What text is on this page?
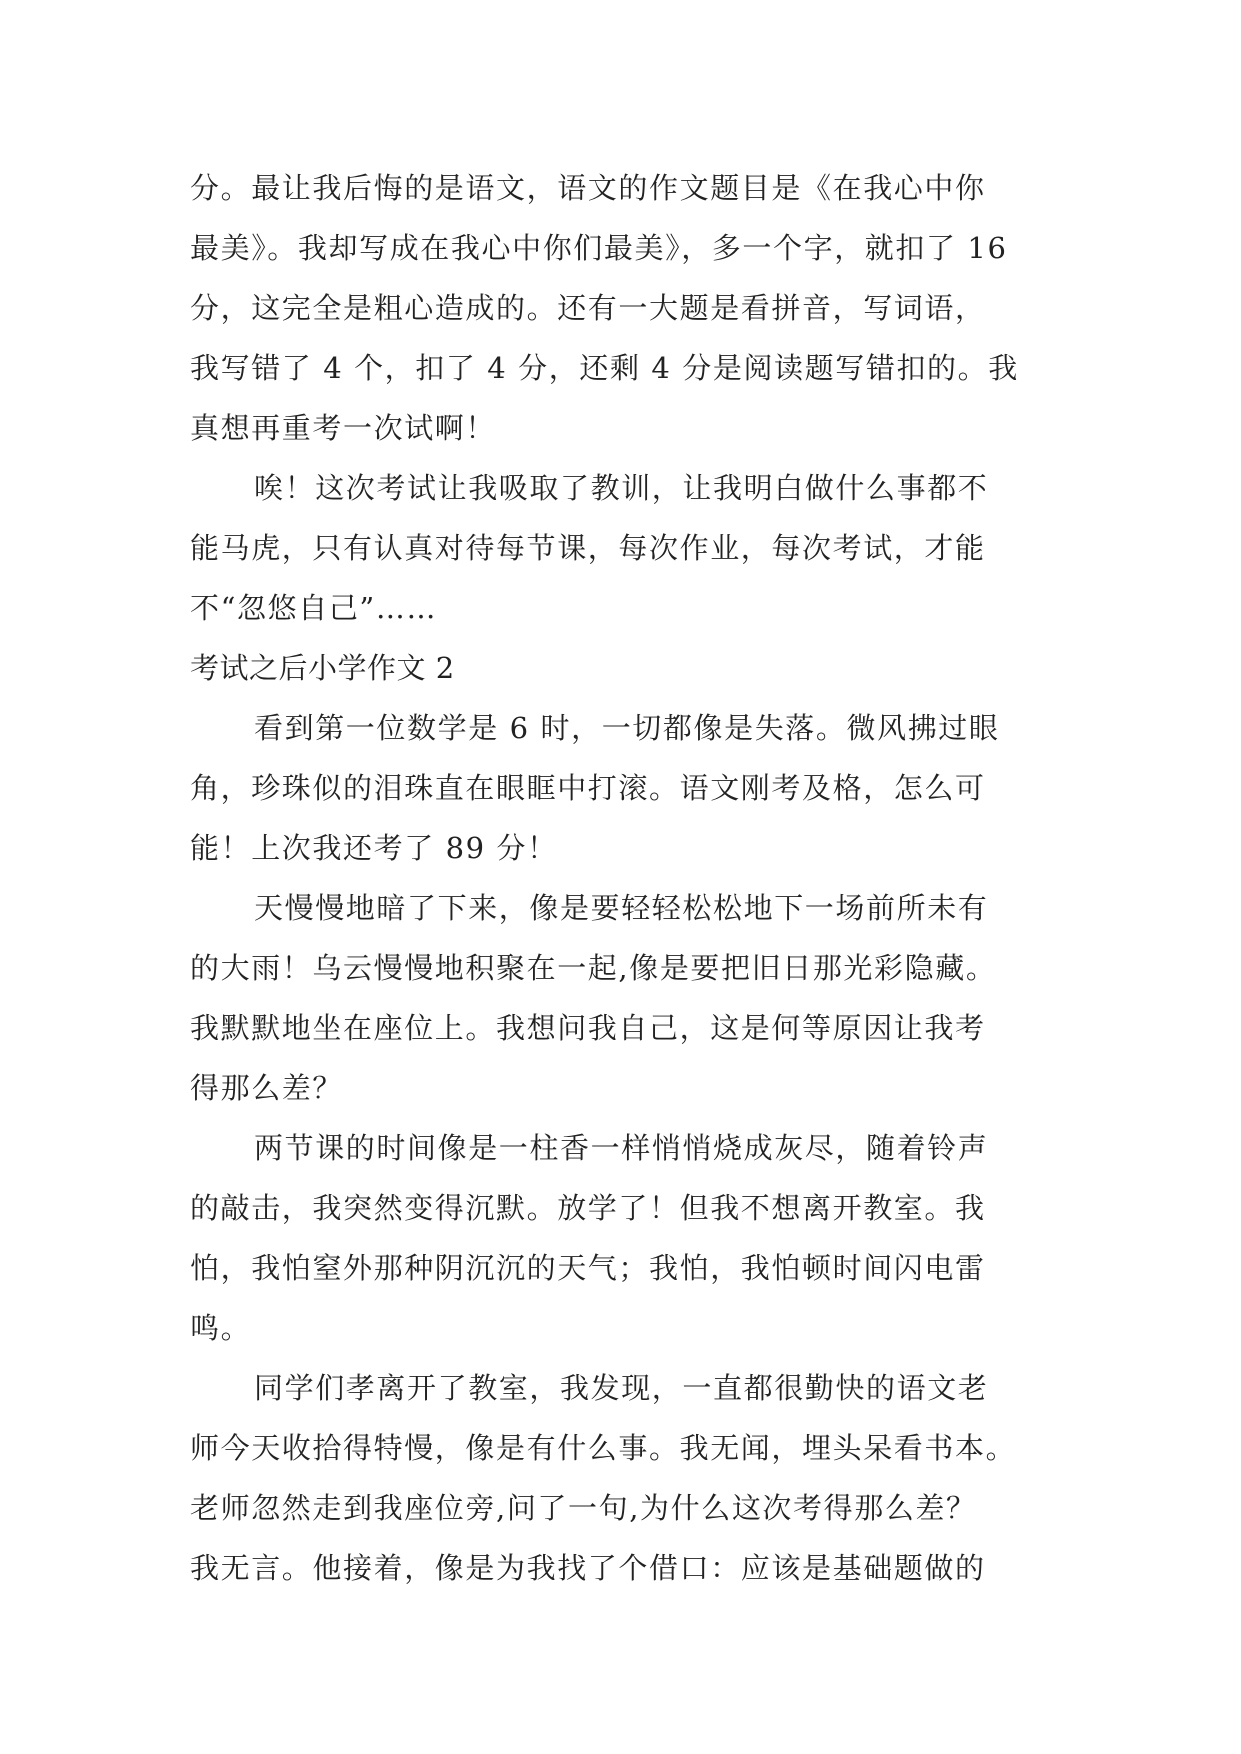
分。最让我后悔的是语文，语文的作文题目是《在我心中你
最美》。我却写成在我心中你们最美》，多一个字，就扣了 16
分，这完全是粗心造成的。还有一大题是看拼音，写词语，
我写错了 4 个，扣了 4 分，还剩 4 分是阅读题写错扣的。我
真想再重考一次试啊！
唉！这次考试让我吸取了教训，让我明白做什么事都不
能马虎，只有认真对待每节课，每次作业，每次考试，才能
不“忽悠自己”……
考试之后小学作文 2
看到第一位数学是 6 时，一切都像是失落。微风拂过眼
角，珍珠似的泪珠直在眼眶中打滚。语文刚考及格，怎么可
能！上次我还考了 89 分！
天慢慢地暗了下来，像是要轻轻松松地下一场前所未有
的大雨！乌云慢慢地积聚在一起,像是要把旧日那光彩隐藏。
我默默地坐在座位上。我想问我自己，这是何等原因让我考
得那么差？
两节课的时间像是一柱香一样悄悄烧成灰尽，随着铃声
的敲击，我突然变得沉默。放学了！但我不想离开教室。我
怕，我怕窒外那种阴沉沉的天气；我怕，我怕顿时间闪电雷
鸣。
同学们孝离开了教室，我发现，一直都很勤快的语文老
师今天收拾得特慢，像是有什么事。我无闻，埋头呆看书本。
老师忽然走到我座位旁,问了一句,为什么这次考得那么差？
我无言。他接着，像是为我找了个借口：应该是基础题做的
